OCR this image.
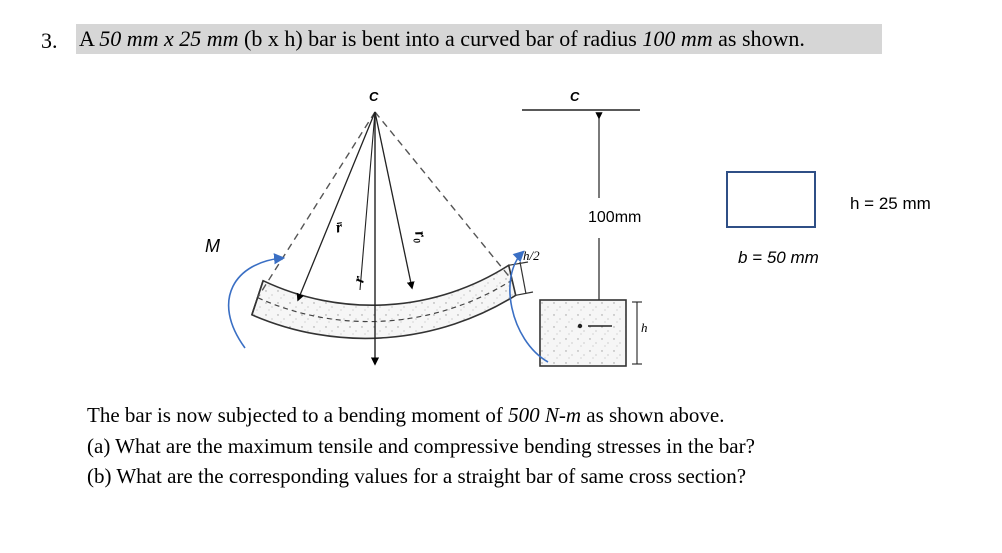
3. A 50 mm x 25 mm (b x h) bar is bent into a curved bar of radius 100 mm as shown.
C
r̄
r₀
r
h/2
C
100mm
h
M
b = 50 mm
h = 25 mm
The bar is now subjected to a bending moment of 500 N-m as shown above.
(a) What are the maximum tensile and compressive bending stresses in the bar?
(b) What are the corresponding values for a straight bar of same cross section?
